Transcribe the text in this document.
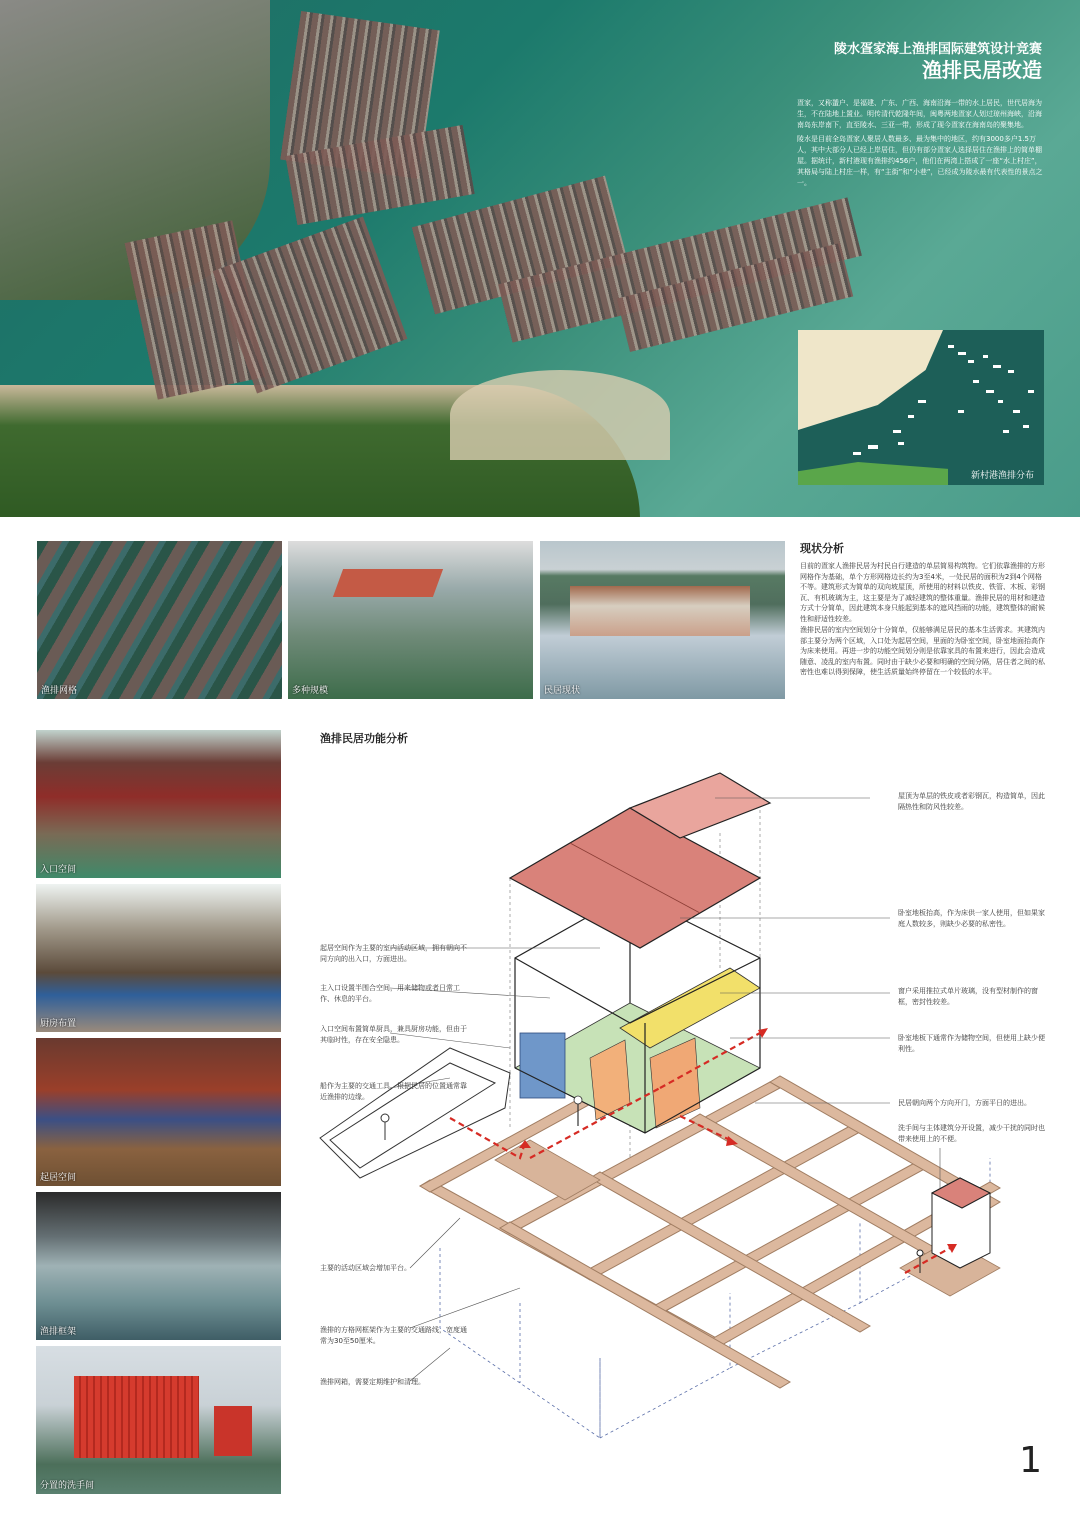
陵水疍家海上渔排国际建筑设计竞赛
渔排民居改造

疍家，又称蜑户、是福建、广东、广西、海南沿海一带的水上居民，世代居海为生，不在陆地上置业。明传清代乾隆年间，闽粤两地疍家人划过琼州海峡，沿海南岛东岸南下，直至陵水、三亚一带，形成了现今疍家在海南岛的聚集地。

陵水是目前全岛疍家人聚居人数最多、最为集中的地区，约有3000多户1.5万人，其中大部分人已经上岸居住，但仍有部分疍家人选择居住在渔排上的简单棚屋。据统计，新村港现有渔排约456户，他们在两湾上搭成了一座“水上村庄”，其格局与陆上村庄一样，有“主街”和“小巷”，已经成为陵水最有代表性的景点之一。

新村港渔排分布
渔排网格	多种规模	民居现状
现状分析

目前的疍家人渔排民居为村民自行建造的单层简易构筑物。它们依靠渔排的方形网格作为基础，单个方形网格边长约为3至4米，一处民居的面积为2到4个网格不等。建筑形式为简单的双向坡屋顶，所使用的材料以铁皮、铁管、木板、彩钢瓦、有机玻璃为主，这主要是为了减轻建筑的整体重量。渔排民居的用材和建造方式十分简单，因此建筑本身只能起到基本的遮风挡雨的功能，建筑整体的耐候性和舒适性较差。

渔排民居的室内空间划分十分简单，仅能够满足居民的基本生活需求。其建筑内部主要分为两个区域，入口处为起居空间，里面的为卧室空间，卧室地面抬高作为床来使用。再进一步的功能空间划分则是依靠家具的布置来进行，因此会造成随意、凌乱的室内布置。同时由于缺少必要和明确的空间分隔，居住者之间的私密性也难以得到保障，使生活质量始终停留在一个较低的水平。

入口空间
厨房布置
起居空间
渔排框架
分置的洗手间
渔排民居功能分析
屋顶为单层的铁皮或者彩钢瓦，构造简单，因此隔热性和防风性较差。
卧室地板抬高，作为床供一家人使用，但如果家庭人数较多，则缺少必要的私密性。
窗户采用推拉式单片玻璃，没有型材制作的窗框，密封性较差。
卧室地板下通常作为储物空间，但使用上缺少便利性。
民居朝向两个方向开门，方面平日的进出。
洗手间与主体建筑分开设置，减少干扰的同时也带来使用上的不便。
起居空间作为主要的室内活动区域，拥有朝向不同方向的出入口，方面进出。
主入口设置半围合空间，用来储物或者日常工作、休息的平台。
入口空间布置简单厨具，兼具厨房功能，但由于其临时性，存在安全隐患。
船作为主要的交通工具，根据民居的位置通常靠近渔排的边缘。
主要的活动区域会增加平台。
渔排的方格网框架作为主要的交通路线，宽度通常为30至50厘米。
渔排网箱，需要定期维护和清理。
1
